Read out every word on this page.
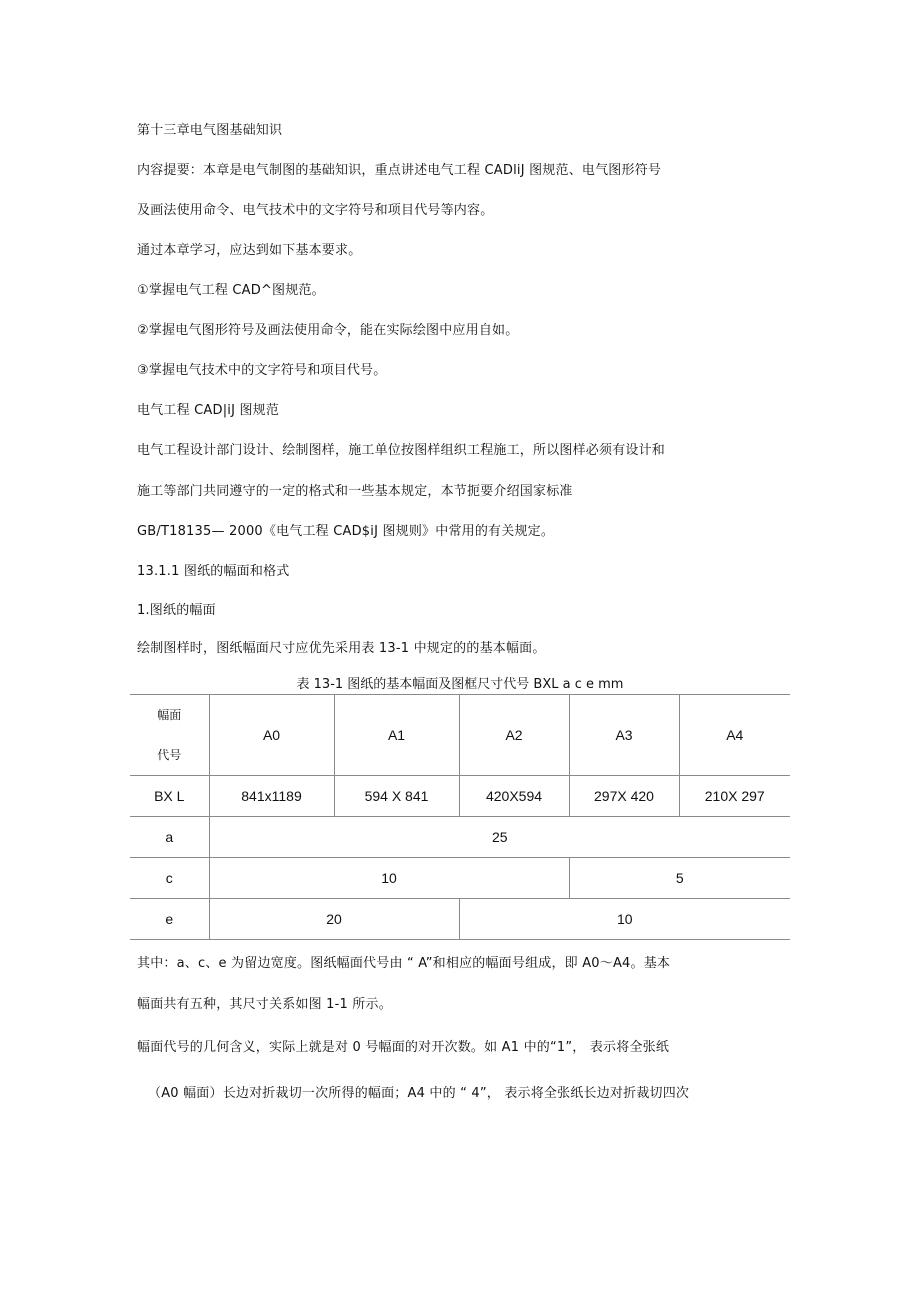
第十三章电气图基础知识
内容提要：本章是电气制图的基础知识，重点讲述电气工程 CADliJ 图规范、电气图形符号
及画法使用命令、电气技术中的文字符号和项目代号等内容。
通过本章学习，应达到如下基本要求。
①掌握电气工程 CAD^图规范。
②掌握电气图形符号及画法使用命令，能在实际绘图中应用自如。
③掌握电气技术中的文字符号和项目代号。
电气工程 CAD|iJ 图规范
电气工程设计部门设计、绘制图样，施工单位按图样组织工程施工，所以图样必须有设计和
施工等部门共同遵守的一定的格式和一些基本规定，本节扼要介绍国家标准
GB/T18135— 2000《电气工程 CAD$iJ 图规则》中常用的有关规定。
13.1.1 图纸的幅面和格式
1.图纸的幅面
绘制图样时，图纸幅面尺寸应优先采用表 13-1 中规定的的基本幅面。
表 13-1 图纸的基本幅面及图框尺寸代号 BXL a c e mm
幅面
代号	A0	A1	A2	A3	A4
BX L	841x1189	594 X 841	420X594	297X 420	210X 297
a	25				
c	10			5	
e	20		10		
其中：a、c、e 为留边宽度。图纸幅面代号由 “ A”和相应的幅面号组成，即 A0～A4。基本
幅面共有五种，其尺寸关系如图 1-1 所示。
幅面代号的几何含义，实际上就是对 0 号幅面的对开次数。如 A1 中的“1”， 表示将全张纸
（A0 幅面）长边对折裁切一次所得的幅面；A4 中的 “ 4”， 表示将全张纸长边对折裁切四次
